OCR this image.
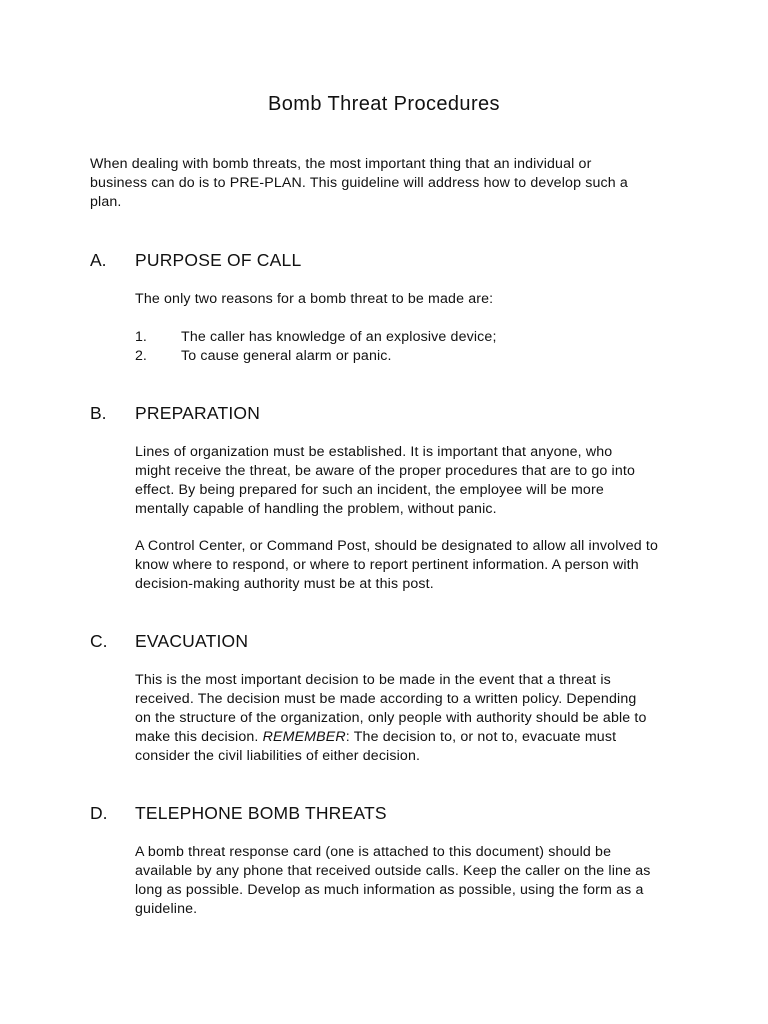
Bomb Threat Procedures

When dealing with bomb threats, the most important thing that an individual or
business can do is to PRE-PLAN. This guideline will address how to develop such a
plan.

A. PURPOSE OF CALL

The only two reasons for a bomb threat to be made are:

1. The caller has knowledge of an explosive device;
2. To cause general alarm or panic.
B. PREPARATION

Lines of organization must be established. It is important that anyone, who
might receive the threat, be aware of the proper procedures that are to go into
effect. By being prepared for such an incident, the employee will be more
mentally capable of handling the problem, without panic.

A Control Center, or Command Post, should be designated to allow all involved to
know where to respond, or where to report pertinent information. A person with
decision-making authority must be at this post.

C. EVACUATION

This is the most important decision to be made in the event that a threat is
received. The decision must be made according to a written policy. Depending
on the structure of the organization, only people with authority should be able to
make this decision. REMEMBER: The decision to, or not to, evacuate must
consider the civil liabilities of either decision.

D. TELEPHONE BOMB THREATS

A bomb threat response card (one is attached to this document) should be
available by any phone that received outside calls. Keep the caller on the line as
long as possible. Develop as much information as possible, using the form as a
guideline.
